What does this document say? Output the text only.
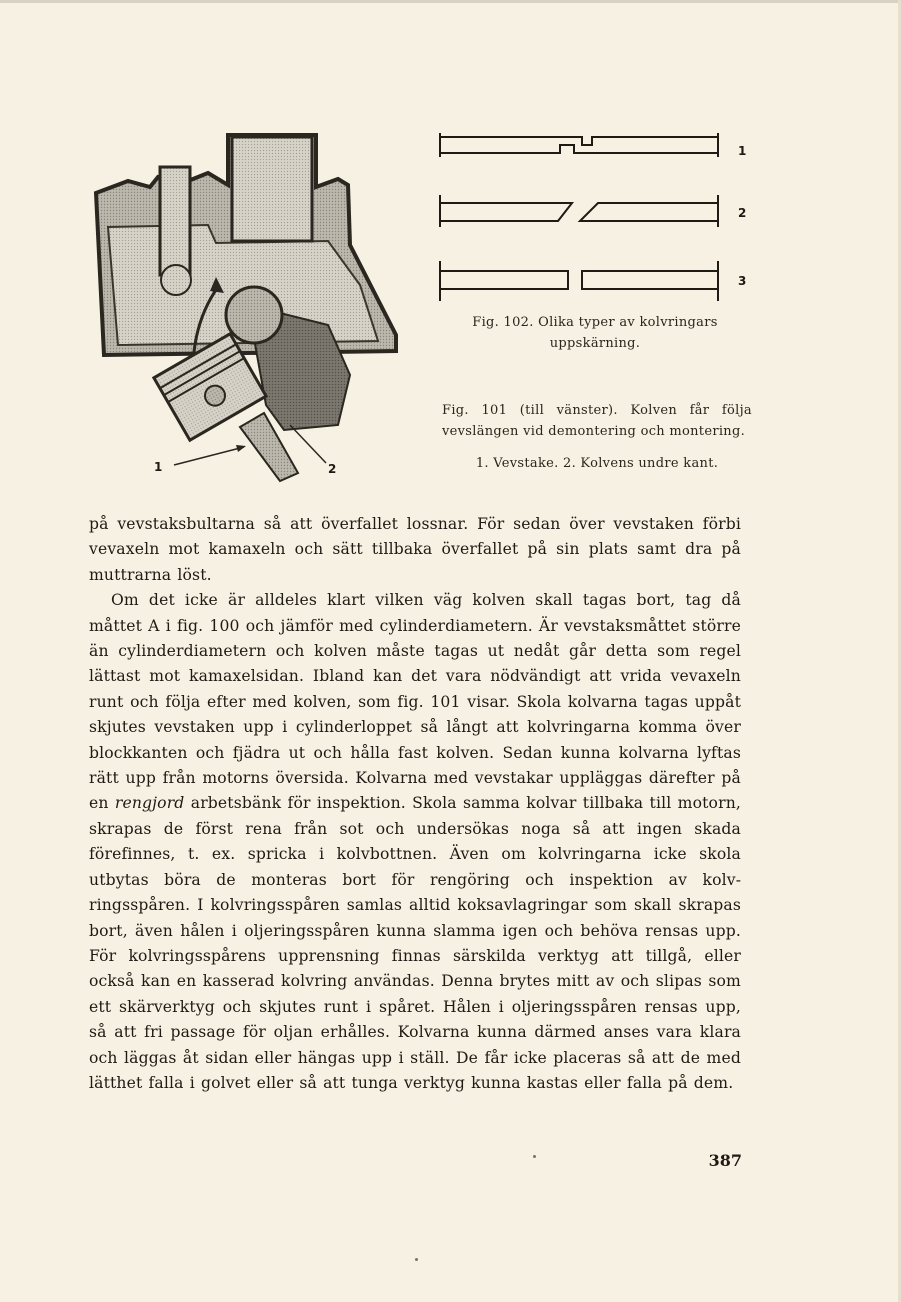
1	2
1
2
3
Fig. 102. Olika typer av kolvringars
uppskärning.
Fig. 101 (till vänster). Kolven får följa
vevslängen vid demontering och montering.
1. Vevstake. 2. Kolvens undre kant.

på vevstaksbultarna så att överfallet lossnar. För sedan över vevstaken förbi vevaxeln mot kamaxeln och sätt tillbaka överfallet på sin plats samt dra på muttrarna löst.

Om det icke är alldeles klart vilken väg kolven skall tagas bort, tag då måttet A i fig. 100 och jämför med cylinderdiametern. Är vevstaksmåttet större än cylinderdiametern och kolven måste tagas ut nedåt går detta som regel lättast mot kamaxelsidan. Ibland kan det vara nödvändigt att vrida vevaxeln runt och följa efter med kolven, som fig. 101 visar. Skola kolvarna tagas uppåt skjutes vevstaken upp i cylinderloppet så långt att kolvringarna komma över blockkanten och fjädra ut och hålla fast kolven. Sedan kunna kolvarna lyftas rätt upp från motorns översida. Kolvarna med vevstakar uppläggas därefter på en rengjord arbetsbänk för inspektion. Skola samma kolvar tillbaka till motorn, skrapas de först rena från sot och undersökas noga så att ingen skada förefinnes, t. ex. spricka i kolvbottnen. Även om kolvringarna icke skola utbytas böra de monteras bort för rengöring och inspektion av kolvringsspåren. I kolvringsspåren samlas alltid koksavlagringar som skall skrapas bort, även hålen i oljeringsspåren kunna slamma igen och behöva rensas upp. För kolvringsspårens upprensning finnas särskilda verktyg att tillgå, eller också kan en kasserad kolvring användas. Denna brytes mitt av och slipas som ett skärverktyg och skjutes runt i spåret. Hålen i oljeringsspåren rensas upp, så att fri passage för oljan erhålles. Kolvarna kunna därmed anses vara klara och läggas åt sidan eller hängas upp i ställ. De får icke placeras så att de med lätthet falla i golvet eller så att tunga verktyg kunna kastas eller falla på dem.

387
